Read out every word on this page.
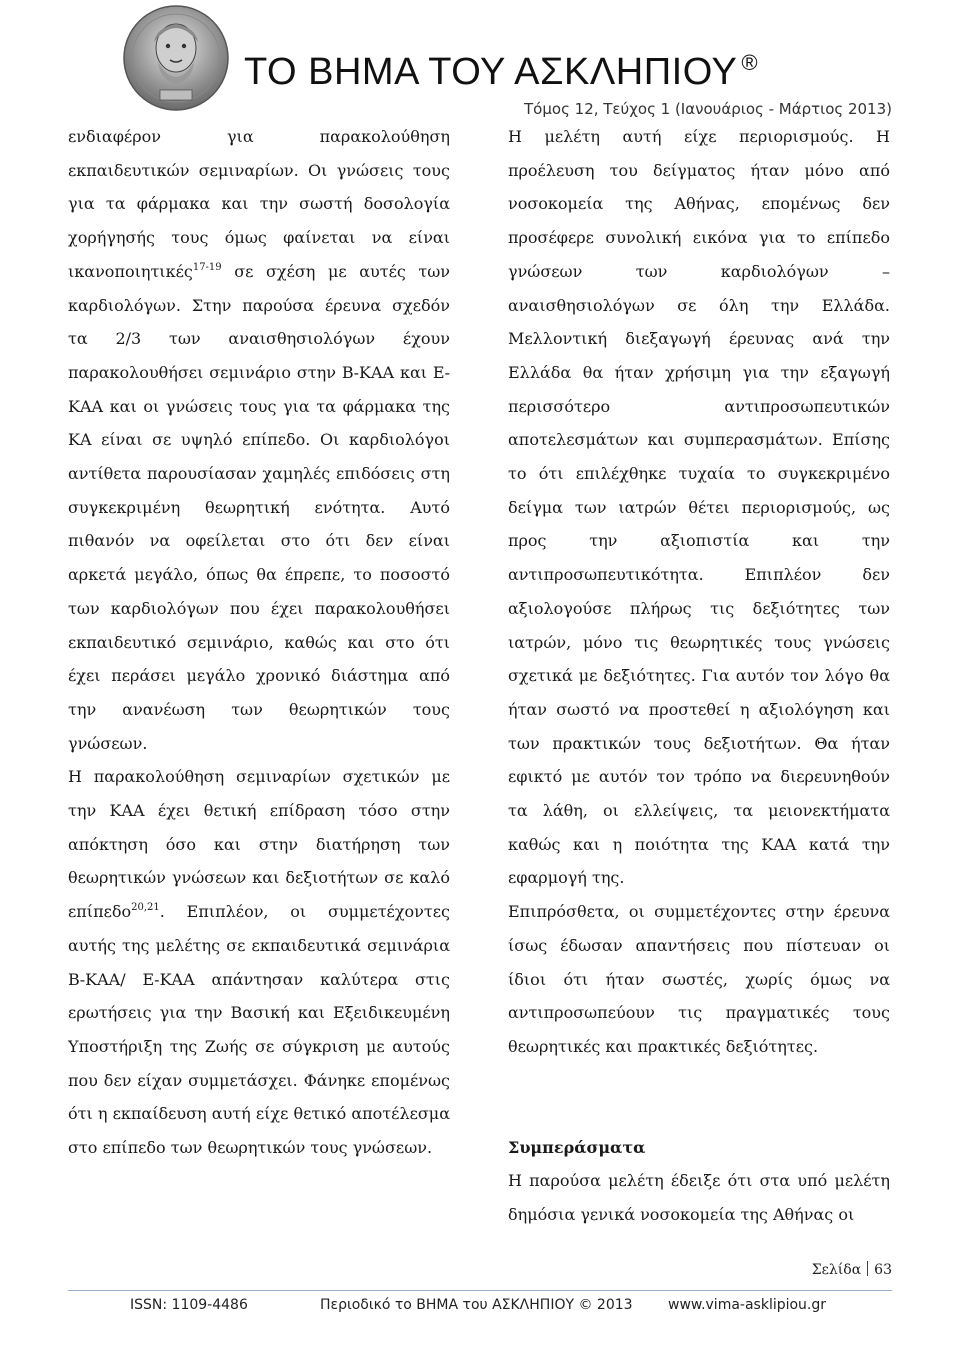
ΤΟ ΒΗΜΑ ΤΟΥ ΑΣΚΛΗΠΙΟΥ ®
Τόμος 12, Τεύχος 1 (Ιανουάριος - Μάρτιος 2013)

ενδιαφέρον για παρακολούθηση εκπαιδευτικών σεμιναρίων. Οι γνώσεις τους για τα φάρμακα και την σωστή δοσολογία χορήγησής τους όμως φαίνεται να είναι ικανοποιητικές$^{17-19}$ σε σχέση με αυτές των καρδιολόγων. Στην παρούσα έρευνα σχεδόν τα 2/3 των αναισθησιολόγων έχουν παρακολουθήσει σεμινάριο στην Β-ΚΑΑ και Ε-ΚΑΑ και οι γνώσεις τους για τα φάρμακα της ΚΑ είναι σε υψηλό επίπεδο. Οι καρδιολόγοι αντίθετα παρουσίασαν χαμηλές επιδόσεις στη συγκεκριμένη θεωρητική ενότητα. Αυτό πιθανόν να οφείλεται στο ότι δεν είναι αρκετά μεγάλο, όπως θα έπρεπε, το ποσοστό των καρδιολόγων που έχει παρακολουθήσει εκπαιδευτικό σεμινάριο, καθώς και στο ότι έχει περάσει μεγάλο χρονικό διάστημα από την ανανέωση των θεωρητικών τους γνώσεων.

Η παρακολούθηση σεμιναρίων σχετικών με την ΚΑΑ έχει θετική επίδραση τόσο στην απόκτηση όσο και στην διατήρηση των θεωρητικών γνώσεων και δεξιοτήτων σε καλό επίπεδο$^{20,21}$. Επιπλέον, οι συμμετέχοντες αυτής της μελέτης σε εκπαιδευτικά σεμινάρια Β-ΚΑΑ/ Ε-ΚΑΑ απάντησαν καλύτερα στις ερωτήσεις για την Βασική και Εξειδικευμένη Υποστήριξη της Ζωής σε σύγκριση με αυτούς που δεν είχαν συμμετάσχει. Φάνηκε επομένως ότι η εκπαίδευση αυτή είχε θετικό αποτέλεσμα στο επίπεδο των θεωρητικών τους γνώσεων.

Η μελέτη αυτή είχε περιορισμούς. Η προέλευση του δείγματος ήταν μόνο από νοσοκομεία της Αθήνας, επομένως δεν προσέφερε συνολική εικόνα για το επίπεδο γνώσεων των καρδιολόγων – αναισθησιολόγων σε όλη την Ελλάδα. Μελλοντική διεξαγωγή έρευνας ανά την Ελλάδα θα ήταν χρήσιμη για την εξαγωγή περισσότερο αντιπροσωπευτικών αποτελεσμάτων και συμπερασμάτων. Επίσης το ότι επιλέχθηκε τυχαία το συγκεκριμένο δείγμα των ιατρών θέτει περιορισμούς, ως προς την αξιοπιστία και την αντιπροσωπευτικότητα. Επιπλέον δεν αξιολογούσε πλήρως τις δεξιότητες των ιατρών, μόνο τις θεωρητικές τους γνώσεις σχετικά με δεξιότητες. Για αυτόν τον λόγο θα ήταν σωστό να προστεθεί η αξιολόγηση και των πρακτικών τους δεξιοτήτων. Θα ήταν εφικτό με αυτόν τον τρόπο να διερευνηθούν τα λάθη, οι ελλείψεις, τα μειονεκτήματα καθώς και η ποιότητα της ΚΑΑ κατά την εφαρμογή της.

Επιπρόσθετα, οι συμμετέχοντες στην έρευνα ίσως έδωσαν απαντήσεις που πίστευαν οι ίδιοι ότι ήταν σωστές, χωρίς όμως να αντιπροσωπεύουν τις πραγματικές τους θεωρητικές και πρακτικές δεξιότητες.

Συμπεράσματα

Η παρούσα μελέτη έδειξε ότι στα υπό μελέτη δημόσια γενικά νοσοκομεία της Αθήνας οι

Σελίδα 63
ISSN: 1109-4486	Περιοδικό το ΒΗΜΑ του ΑΣΚΛΗΠΙΟΥ © 2013	www.vima-asklipiou.gr
